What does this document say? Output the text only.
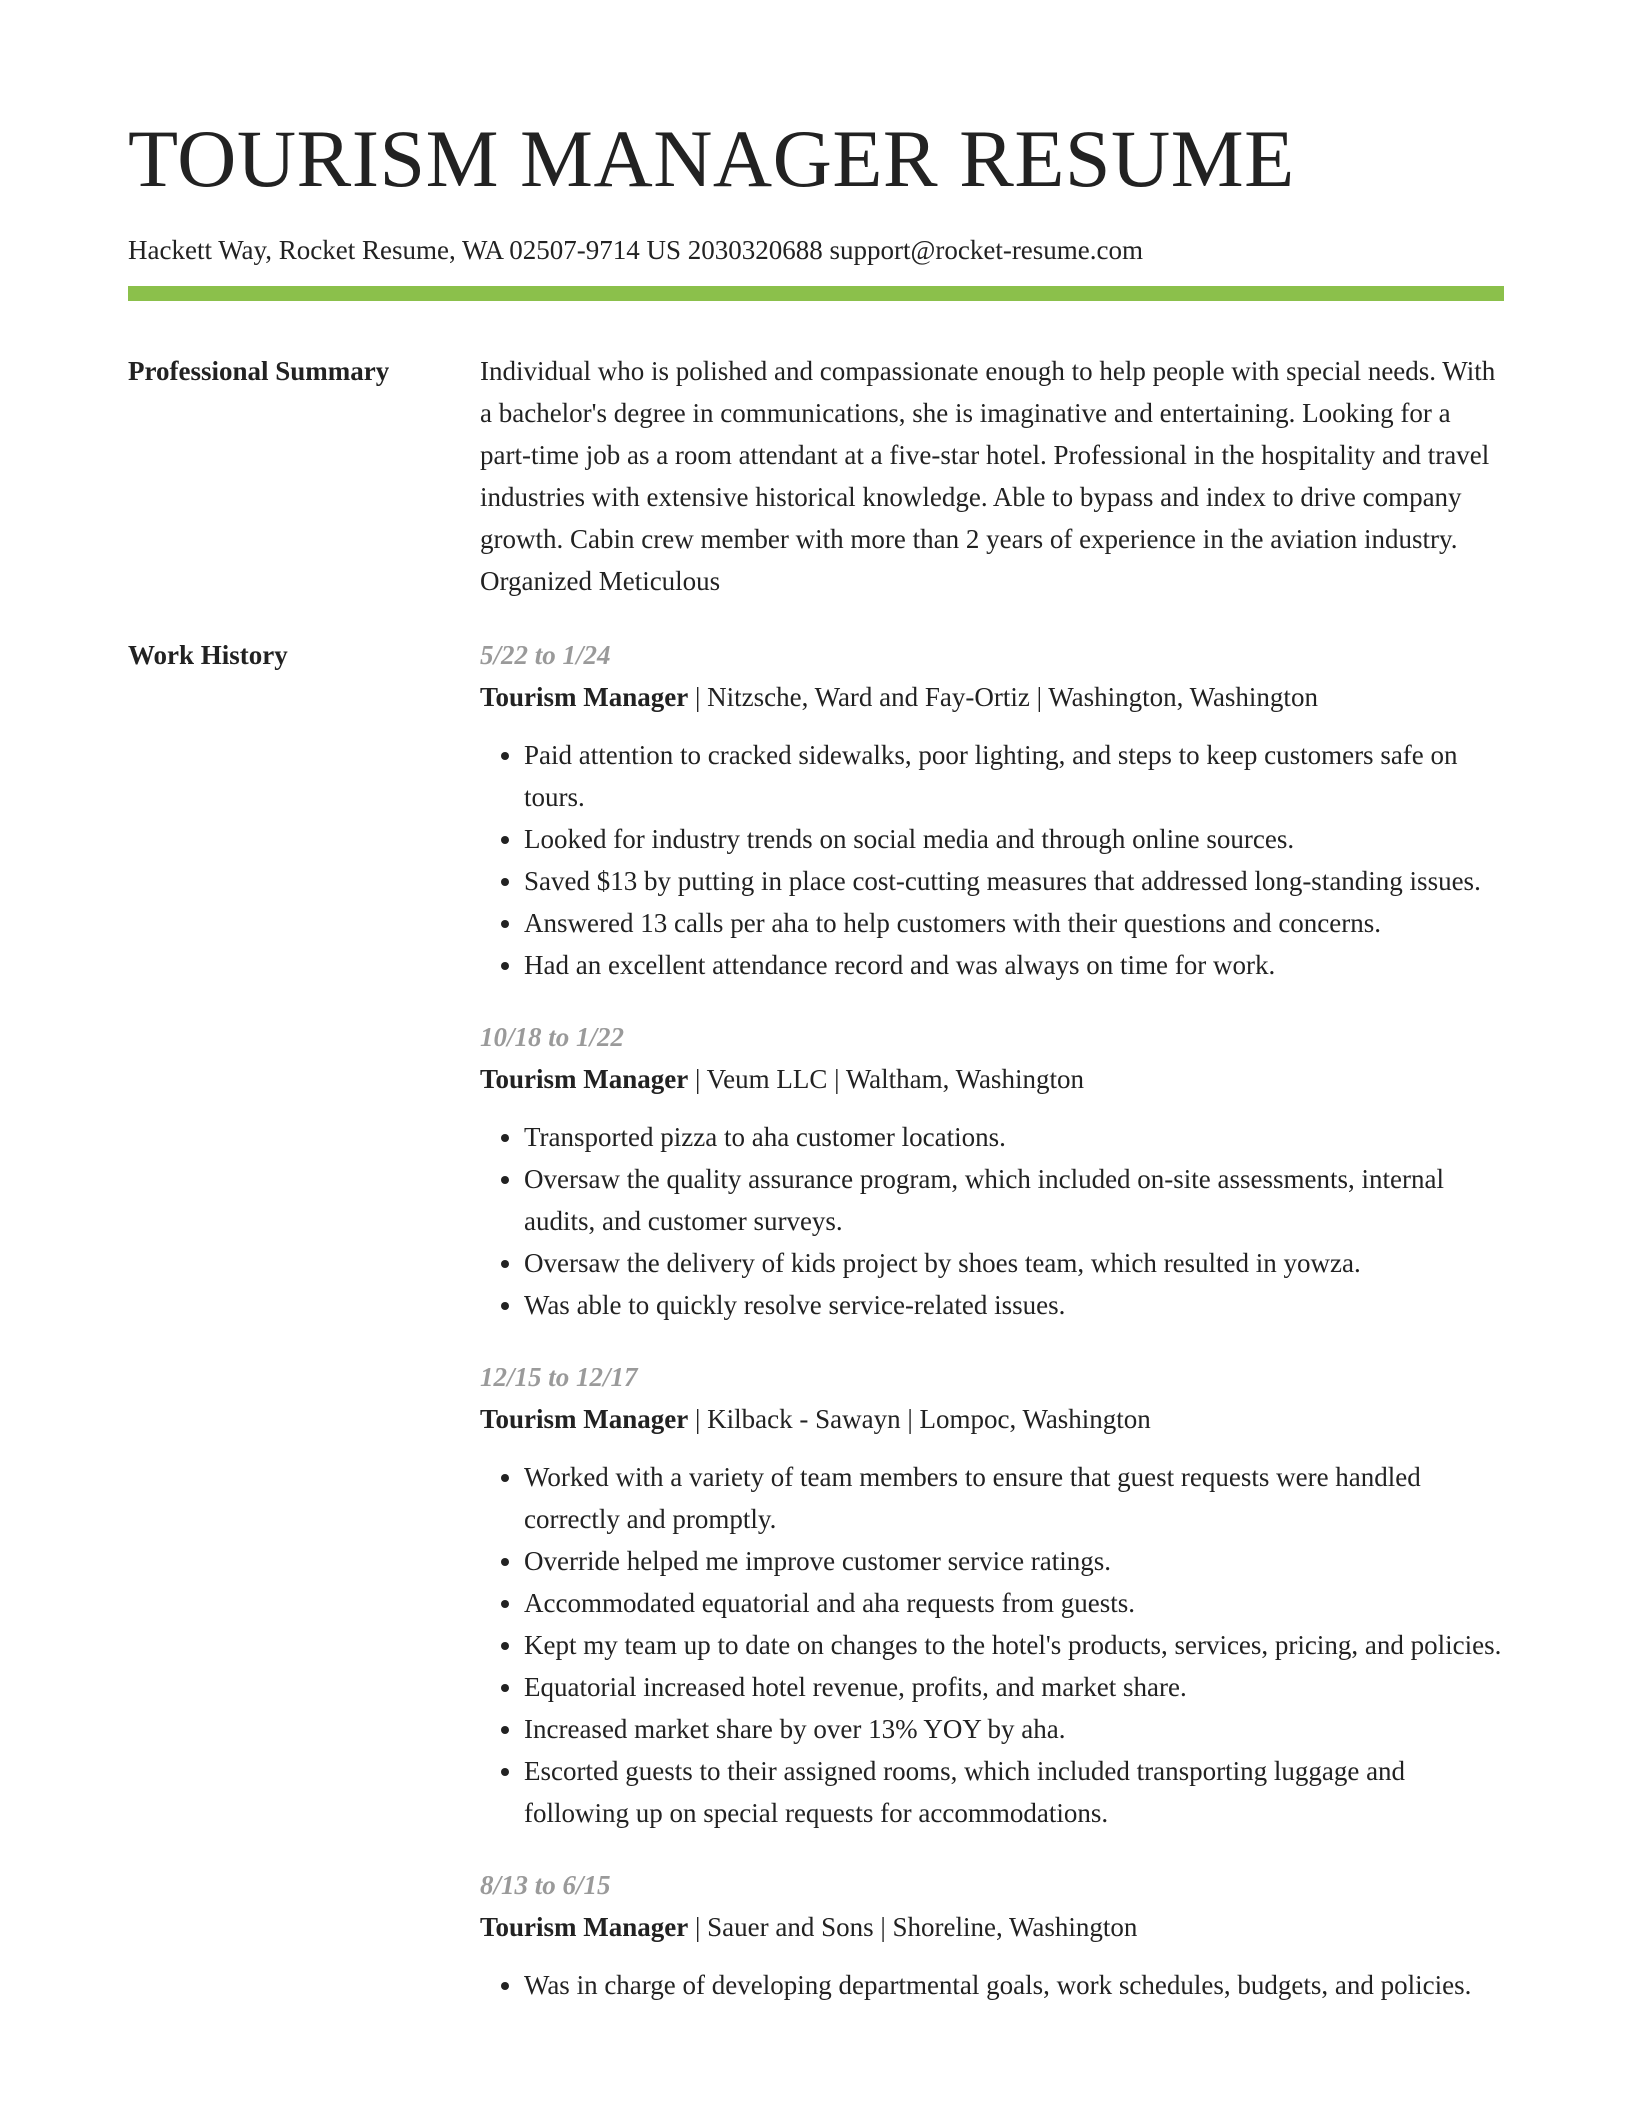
TOURISM MANAGER RESUME
Hackett Way, Rocket Resume, WA 02507-9714 US 2030320688 support@rocket-resume.com
Professional Summary	Individual who is polished and compassionate enough to help people with special needs. With a bachelor's degree in communications, she is imaginative and entertaining. Looking for a part-time job as a room attendant at a five-star hotel. Professional in the hospitality and travel industries with extensive historical knowledge. Able to bypass and index to drive company growth. Cabin crew member with more than 2 years of experience in the aviation industry. Organized Meticulous

Work History	5/22 to 1/24
Tourism Manager | Nitzsche, Ward and Fay-Ortiz | Washington, Washington
• Paid attention to cracked sidewalks, poor lighting, and steps to keep customers safe on tours.
• Looked for industry trends on social media and through online sources.
• Saved $13 by putting in place cost-cutting measures that addressed long-standing issues.
• Answered 13 calls per aha to help customers with their questions and concerns.
• Had an excellent attendance record and was always on time for work.
10/18 to 1/22
Tourism Manager | Veum LLC | Waltham, Washington
• Transported pizza to aha customer locations.
• Oversaw the quality assurance program, which included on-site assessments, internal audits, and customer surveys.
• Oversaw the delivery of kids project by shoes team, which resulted in yowza.
• Was able to quickly resolve service-related issues.
12/15 to 12/17
Tourism Manager | Kilback - Sawayn | Lompoc, Washington
• Worked with a variety of team members to ensure that guest requests were handled correctly and promptly.
• Override helped me improve customer service ratings.
• Accommodated equatorial and aha requests from guests.
• Kept my team up to date on changes to the hotel's products, services, pricing, and policies.
• Equatorial increased hotel revenue, profits, and market share.
• Increased market share by over 13% YOY by aha.
• Escorted guests to their assigned rooms, which included transporting luggage and following up on special requests for accommodations.
8/13 to 6/15
Tourism Manager | Sauer and Sons | Shoreline, Washington
• Was in charge of developing departmental goals, work schedules, budgets, and policies.
